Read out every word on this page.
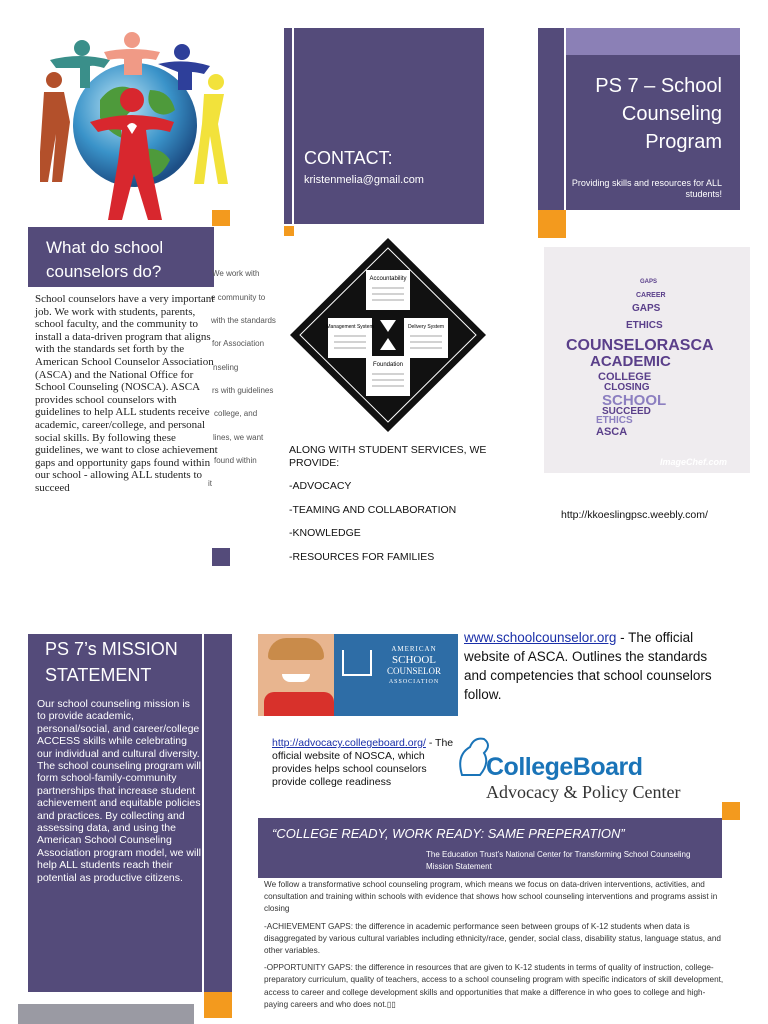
CONTACT:
kristenmelia@gmail.com
PS 7 – School
Counseling
Program
Providing skills and resources for ALL students!
What do school
counselors do?	We work with
e community to
with the standards
for Association
nseling
rs with guidelines
college, and
lines, we want
found within
it
School counselors have a very important job. We work with students, parents, school faculty, and the community to install a data-driven program that aligns with the standards set forth by the American School Counselor Association (ASCA) and the National Office for School Counseling (NOSCA). ASCA provides school counselors with guidelines to help ALL students receive academic, career/college, and personal social skills. By following these guidelines, we want to close achievement gaps and opportunity gaps found within our school - allowing ALL students to succeed
Accountability
Management System	Delivery System
Foundation
ALONG WITH STUDENT SERVICES, WE PROVIDE:
-ADVOCACY
-TEAMING AND COLLABORATION
-KNOWLEDGE
-RESOURCES FOR FAMILIES
GAPS
CAREER
GAPS
ETHICS
COUNSELORASCA
ACADEMIC
COLLEGE
CLOSING
SCHOOL
SUCCEED
ETHICS
ASCA
ImageChef.com
http://kkoeslingpsc.weebly.com/
PS 7’s MISSION
STATEMENT
Our school counseling mission is to provide academic, personal/social, and career/college ACCESS skills while celebrating our individual and cultural diversity. The school counseling program will form school-family-community partnerships that increase student achievement and equitable policies and practices. By collecting and assessing data, and using the American School Counseling Association program model, we will help ALL students reach their potential as productive citizens.
AMERICAN
SCHOOL
COUNSELOR
ASSOCIATION
www.schoolcounselor.org - The official website of ASCA. Outlines the standards and competencies that school counselors follow.
http://advocacy.collegeboard.org/ - The official website of NOSCA, which provides helps school counselors provide college readiness
CollegeBoard
Advocacy & Policy Center
“COLLEGE READY, WORK READY: SAME PREPERATION”
The Education Trust’s National Center for Transforming School Counseling Mission Statement

We follow a transformative school counseling program, which means we focus on data-driven interventions, activities, and consultation and training within schools with evidence that shows how school counseling interventions and programs assist in closing

-ACHIEVEMENT GAPS: the difference in academic performance seen between groups of K-12 students when data is disaggregated by various cultural variables including ethnicity/race, gender, social class, disability status, language status, and other variables.

-OPPORTUNITY GAPS: the difference in resources that are given to K-12 students in terms of quality of instruction, college-preparatory curriculum, quality of teachers, access to a school counseling program with specific indicators of skill development, access to career and college development skills and opportunities that make a difference in who goes to college and high-paying careers and who does not.▯▯
